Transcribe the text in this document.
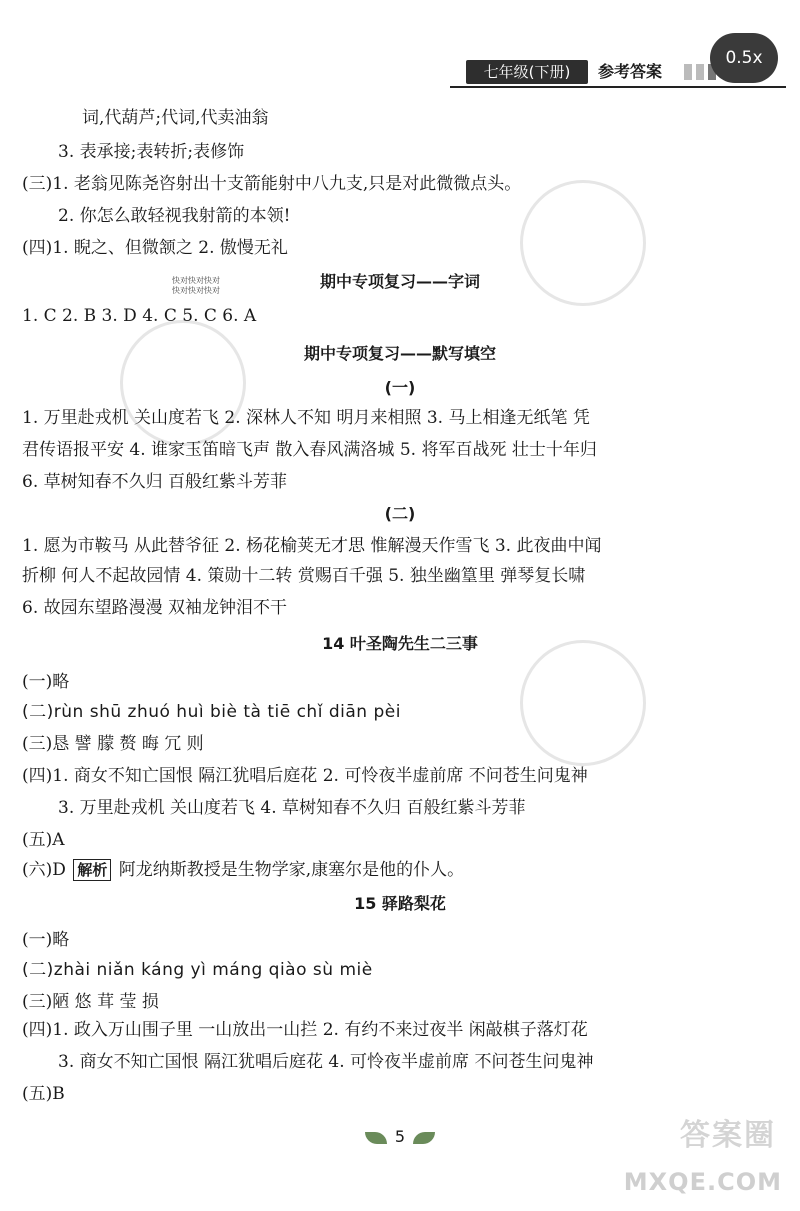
七年级(下册)	参考答案
0.5x
词,代葫芦;代词,代卖油翁
3. 表承接;表转折;表修饰
(三)1. 老翁见陈尧咨射出十支箭能射中八九支,只是对此微微点头。
2. 你怎么敢轻视我射箭的本领!
(四)1. 睨之、但微颔之 2. 傲慢无礼
快对快对快对
快对快对快对	期中专项复习——字词
1. C 2. B 3. D 4. C 5. C 6. A
期中专项复习——默写填空
(一)
1. 万里赴戎机 关山度若飞 2. 深林人不知 明月来相照 3. 马上相逢无纸笔 凭
君传语报平安 4. 谁家玉笛暗飞声 散入春风满洛城 5. 将军百战死 壮士十年归
6. 草树知春不久归 百般红紫斗芳菲
(二)
1. 愿为市鞍马 从此替爷征 2. 杨花榆荚无才思 惟解漫天作雪飞 3. 此夜曲中闻
折柳 何人不起故园情 4. 策勋十二转 赏赐百千强 5. 独坐幽篁里 弹琴复长啸
6. 故园东望路漫漫 双袖龙钟泪不干
14 叶圣陶先生二三事
(一)略
(二)rùn shū zhuó huì biè tà tiē chǐ diān pèi
(三)恳 譬 朦 赘 晦 冗 则
(四)1. 商女不知亡国恨 隔江犹唱后庭花 2. 可怜夜半虚前席 不问苍生问鬼神
3. 万里赴戎机 关山度若飞 4. 草树知春不久归 百般红紫斗芳菲
(五)A
(六)D 解析 阿龙纳斯教授是生物学家,康塞尔是他的仆人。
15 驿路梨花
(一)略
(二)zhài niǎn káng yì máng qiào sù miè
(三)陋 悠 茸 莹 损
(四)1. 政入万山围子里 一山放出一山拦 2. 有约不来过夜半 闲敲棋子落灯花
3. 商女不知亡国恨 隔江犹唱后庭花 4. 可怜夜半虚前席 不问苍生问鬼神
(五)B
5	答案圈
MXQE.COM
